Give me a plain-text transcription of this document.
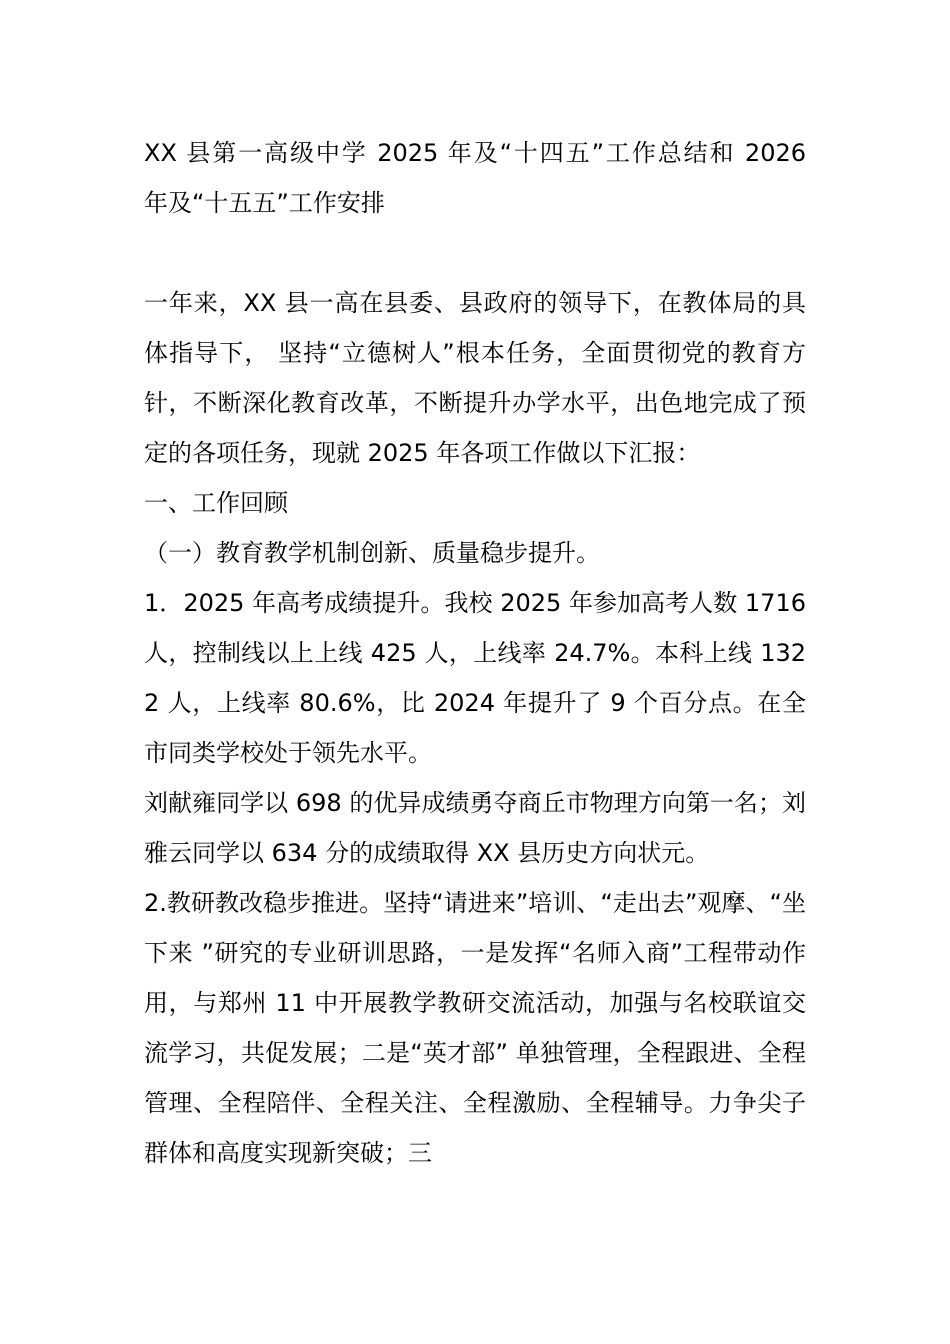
XX 县第一高级中学 2025 年及“十四五”工作总结和 2026
年及“十五五”工作安排

一年来，XX 县一高在县委、县政府的领导下，在教体局的具体指导下， 坚持“立德树人”根本任务，全面贯彻党的教育方针，不断深化教育改革，不断提升办学水平，出色地完成了预定的各项任务，现就 2025 年各项工作做以下汇报：

一、工作回顾

（一）教育教学机制创新、质量稳步提升。

1．2025 年高考成绩提升。我校 2025 年参加高考人数 1716 人，控制线以上上线 425 人，上线率 24.7%。本科上线 1322 人，上线率 80.6%，比 2024 年提升了 9 个百分点。在全市同类学校处于领先水平。

刘献雍同学以 698 的优异成绩勇夺商丘市物理方向第一名；刘雅云同学以 634 分的成绩取得 XX 县历史方向状元。

2.教研教改稳步推进。坚持“请进来”培训、“走出去”观摩、“坐下来 ”研究的专业研训思路，一是发挥“名师入商”工程带动作用，与郑州 11 中开展教学教研交流活动，加强与名校联谊交流学习，共促发展；二是“英才部” 单独管理，全程跟进、全程管理、全程陪伴、全程关注、全程激励、全程辅导。力争尖子群体和高度实现新突破；三
